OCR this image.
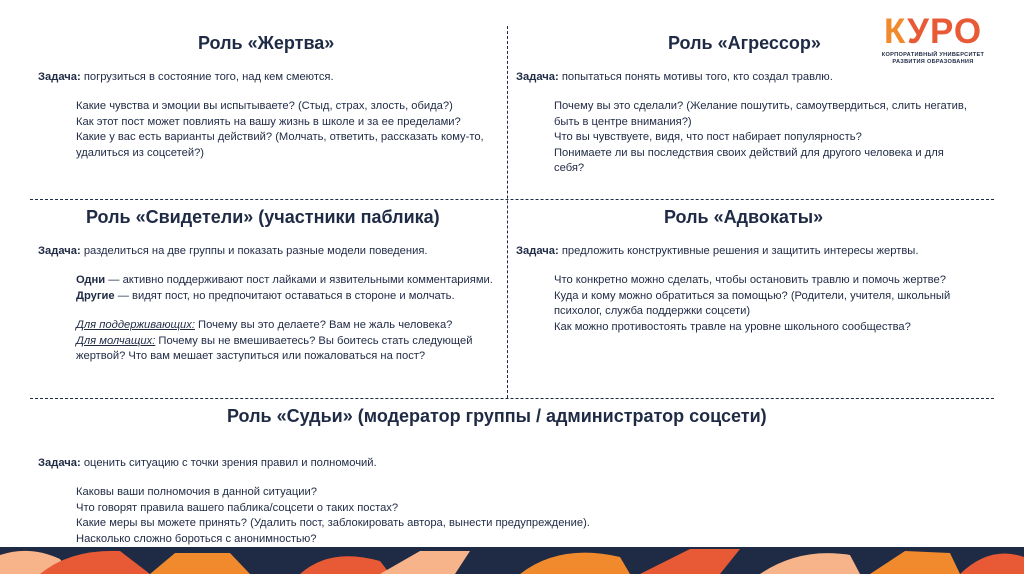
КУРО
КОРПОРАТИВНЫЙ УНИВЕРСИТЕТ
РАЗВИТИЯ ОБРАЗОВАНИЯ
Роль «Жертва»

Задача: погрузиться в состояние того, над кем смеются.

Какие чувства и эмоции вы испытываете? (Стыд, страх, злость, обида?)

Как этот пост может повлиять на вашу жизнь в школе и за ее пределами?

Какие у вас есть варианты действий? (Молчать, ответить, рассказать кому-то, удалиться из соцсетей?)

Роль «Агрессор»

Задача: попытаться понять мотивы того, кто создал травлю.

Почему вы это сделали? (Желание пошутить, самоутвердиться, слить негатив, быть в центре внимания?)

Что вы чувствуете, видя, что пост набирает популярность?

Понимаете ли вы последствия своих действий для другого человека и для себя?

Роль «Свидетели» (участники паблика)

Задача: разделиться на две группы и показать разные модели поведения.

Одни — активно поддерживают пост лайками и язвительными комментариями.

Другие — видят пост, но предпочитают оставаться в стороне и молчать.

Для поддерживающих: Почему вы это делаете? Вам не жаль человека?

Для молчащих: Почему вы не вмешиваетесь? Вы боитесь стать следующей жертвой? Что вам мешает заступиться или пожаловаться на пост?

Роль «Адвокаты»

Задача: предложить конструктивные решения и защитить интересы жертвы.

Что конкретно можно сделать, чтобы остановить травлю и помочь жертве?

Куда и кому можно обратиться за помощью? (Родители, учителя, школьный психолог, служба поддержки соцсети)

Как можно противостоять травле на уровне школьного сообщества?

Роль «Судьи» (модератор группы / администратор соцсети)

Задача: оценить ситуацию с точки зрения правил и полномочий.

Каковы ваши полномочия в данной ситуации?

Что говорят правила вашего паблика/соцсети о таких постах?

Какие меры вы можете принять? (Удалить пост, заблокировать автора, вынести предупреждение).

Насколько сложно бороться с анонимностью?
